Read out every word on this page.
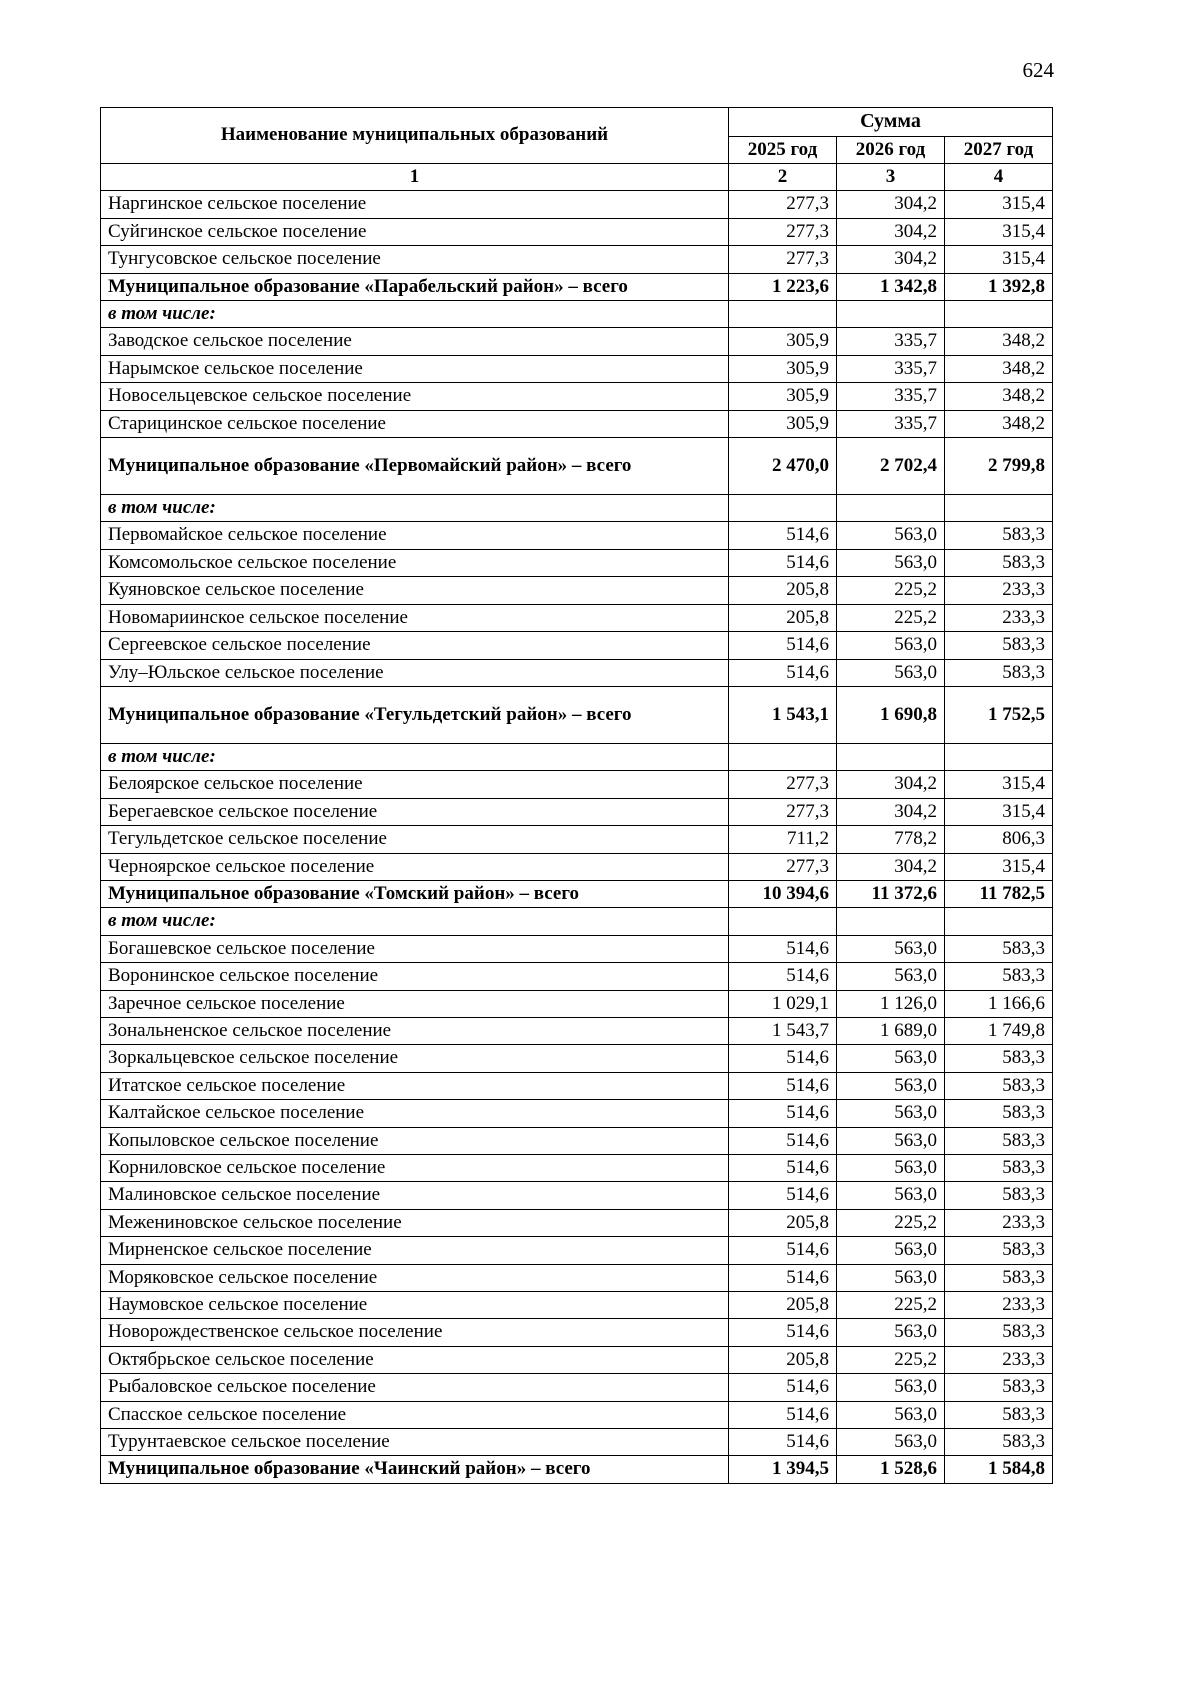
624
Наименование муниципальных образований	Сумма		
	2025 год	2026 год	2027 год
1	2	3	4
Наргинское сельское поселение	277,3	304,2	315,4
Суйгинское сельское поселение	277,3	304,2	315,4
Тунгусовское сельское поселение	277,3	304,2	315,4
Муниципальное образование «Парабельский район» – всего	1 223,6	1 342,8	1 392,8
в том числе:			
Заводское сельское поселение	305,9	335,7	348,2
Нарымское сельское поселение	305,9	335,7	348,2
Новосельцевское сельское поселение	305,9	335,7	348,2
Старицинское сельское поселение	305,9	335,7	348,2
Муниципальное образование «Первомайский район» – всего	2 470,0	2 702,4	2 799,8
в том числе:			
Первомайское сельское поселение	514,6	563,0	583,3
Комсомольское сельское поселение	514,6	563,0	583,3
Куяновское сельское поселение	205,8	225,2	233,3
Новомариинское сельское поселение	205,8	225,2	233,3
Сергеевское сельское поселение	514,6	563,0	583,3
Улу–Юльское сельское поселение	514,6	563,0	583,3
Муниципальное образование «Тегульдетский район» – всего	1 543,1	1 690,8	1 752,5
в том числе:			
Белоярское сельское поселение	277,3	304,2	315,4
Берегаевское сельское поселение	277,3	304,2	315,4
Тегульдетское сельское поселение	711,2	778,2	806,3
Черноярское сельское поселение	277,3	304,2	315,4
Муниципальное образование «Томский район» – всего	10 394,6	11 372,6	11 782,5
в том числе:			
Богашевское сельское поселение	514,6	563,0	583,3
Воронинское сельское поселение	514,6	563,0	583,3
Заречное сельское поселение	1 029,1	1 126,0	1 166,6
Зональненское сельское поселение	1 543,7	1 689,0	1 749,8
Зоркальцевское сельское поселение	514,6	563,0	583,3
Итатское сельское поселение	514,6	563,0	583,3
Калтайское сельское поселение	514,6	563,0	583,3
Копыловское сельское поселение	514,6	563,0	583,3
Корниловское сельское поселение	514,6	563,0	583,3
Малиновское сельское поселение	514,6	563,0	583,3
Межениновское сельское поселение	205,8	225,2	233,3
Мирненское сельское поселение	514,6	563,0	583,3
Моряковское сельское поселение	514,6	563,0	583,3
Наумовское сельское поселение	205,8	225,2	233,3
Новорождественское сельское поселение	514,6	563,0	583,3
Октябрьское сельское поселение	205,8	225,2	233,3
Рыбаловское сельское поселение	514,6	563,0	583,3
Спасское сельское поселение	514,6	563,0	583,3
Турунтаевское сельское поселение	514,6	563,0	583,3
Муниципальное образование «Чаинский район» – всего	1 394,5	1 528,6	1 584,8
